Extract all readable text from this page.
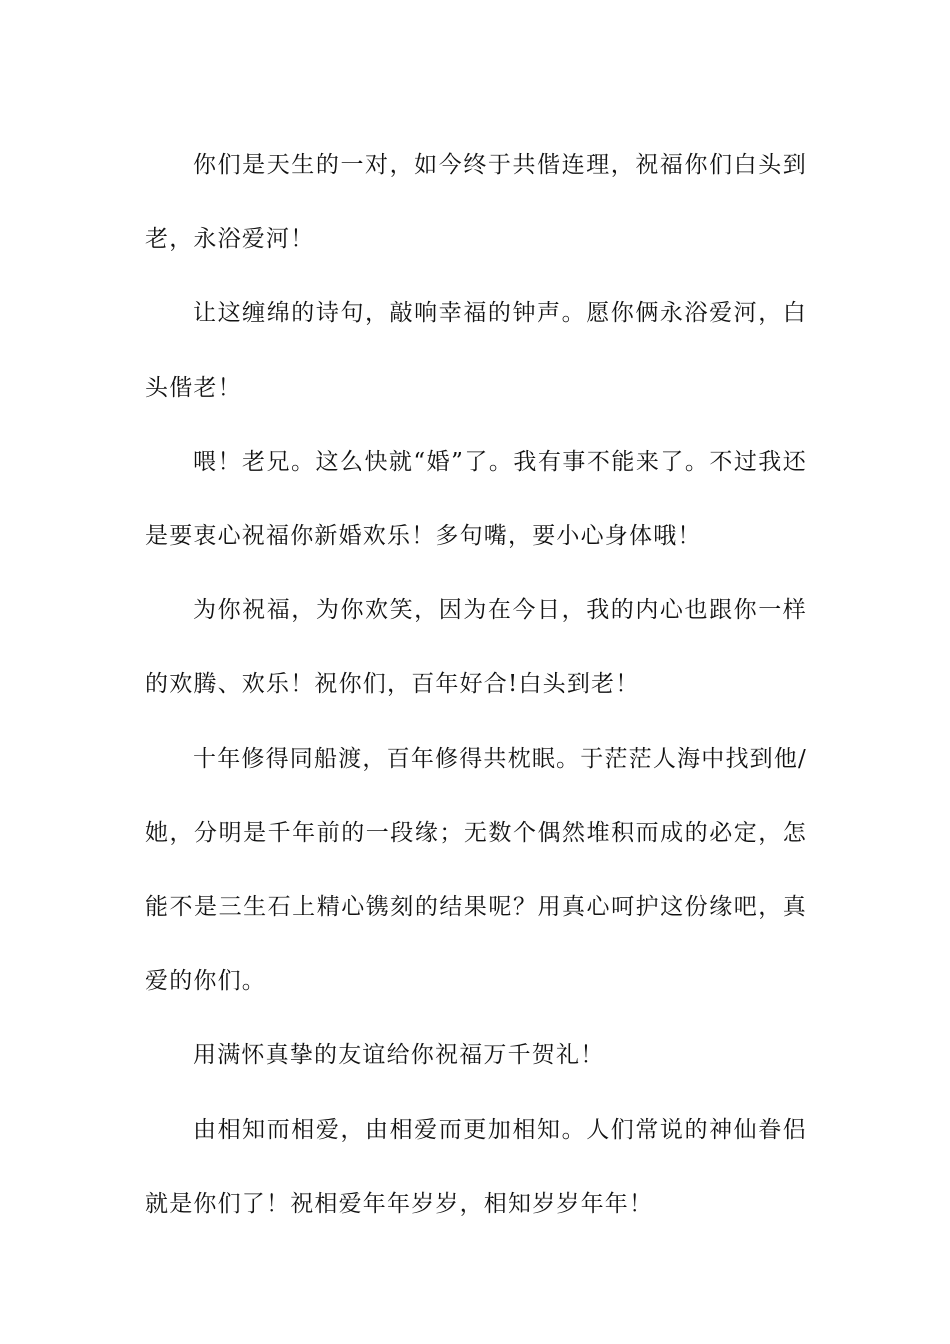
你们是天生的一对，如今终于共偕连理，祝福你们白头到老，永浴爱河！

让这缠绵的诗句，敲响幸福的钟声。愿你俩永浴爱河，白头偕老！

喂！老兄。这么快就“婚”了。我有事不能来了。不过我还是要衷心祝福你新婚欢乐！多句嘴，要小心身体哦！

为你祝福，为你欢笑，因为在今日，我的内心也跟你一样的欢腾、欢乐！祝你们，百年好合!白头到老！

十年修得同船渡，百年修得共枕眠。于茫茫人海中找到他/她，分明是千年前的一段缘；无数个偶然堆积而成的必定，怎能不是三生石上精心镌刻的结果呢？用真心呵护这份缘吧，真爱的你们。

用满怀真挚的友谊给你祝福万千贺礼！

由相知而相爱，由相爱而更加相知。人们常说的神仙眷侣就是你们了！祝相爱年年岁岁，相知岁岁年年！
